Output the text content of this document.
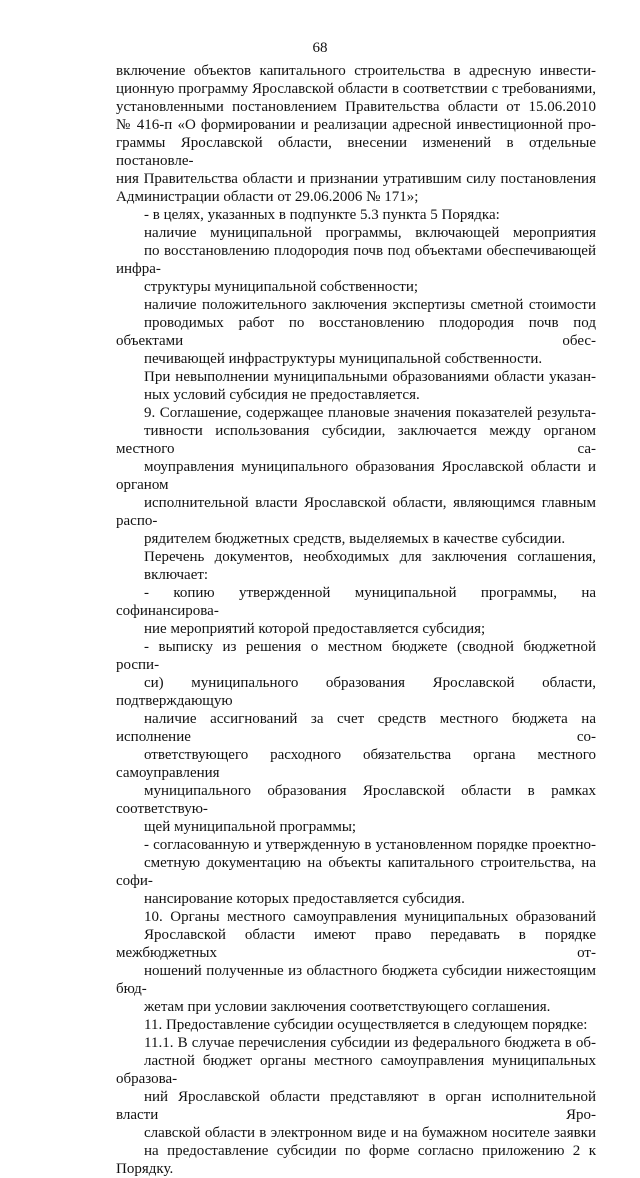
68

включение объектов капитального строительства в адресную инвести-
ционную программу Ярославской области в соответствии с требованиями,
установленными постановлением Правительства области от 15.06.2010
№ 416-п «О формировании и реализации адресной инвестиционной про-
граммы Ярославской области, внесении изменений в отдельные постановле-
ния Правительства области и признании утратившим силу постановления
Администрации области от 29.06.2006 № 171»;

- в целях, указанных в подпункте 5.3 пункта 5 Порядка:

наличие муниципальной программы, включающей мероприятия
по восстановлению плодородия почв под объектами обеспечивающей инфра-
структуры муниципальной собственности;

наличие положительного заключения экспертизы сметной стоимости
проводимых работ по восстановлению плодородия почв под объектами обес-
печивающей инфраструктуры муниципальной собственности.

При невыполнении муниципальными образованиями области указан-
ных условий субсидия не предоставляется.

9. Соглашение, содержащее плановые значения показателей результа-
тивности использования субсидии, заключается между органом местного са-
моуправления муниципального образования Ярославской области и органом
исполнительной власти Ярославской области, являющимся главным распо-
рядителем бюджетных средств, выделяемых в качестве субсидии.

Перечень документов, необходимых для заключения соглашения,
включает:

- копию утвержденной муниципальной программы, на софинансирова-
ние мероприятий которой предоставляется субсидия;

- выписку из решения о местном бюджете (сводной бюджетной роспи-
си) муниципального образования Ярославской области, подтверждающую
наличие ассигнований за счет средств местного бюджета на исполнение со-
ответствующего расходного обязательства органа местного самоуправления
муниципального образования Ярославской области в рамках соответствую-
щей муниципальной программы;

- согласованную и утвержденную в установленном порядке проектно-
сметную документацию на объекты капитального строительства, на софи-
нансирование которых предоставляется субсидия.

10. Органы местного самоуправления муниципальных образований
Ярославской области имеют право передавать в порядке межбюджетных от-
ношений полученные из областного бюджета субсидии нижестоящим бюд-
жетам при условии заключения соответствующего соглашения.

11. Предоставление субсидии осуществляется в следующем порядке:

11.1. В случае перечисления субсидии из федерального бюджета в об-
ластной бюджет органы местного самоуправления муниципальных образова-
ний Ярославской области представляют в орган исполнительной власти Яро-
славской области в электронном виде и на бумажном носителе заявки
на предоставление субсидии по форме согласно приложению 2 к Порядку.
